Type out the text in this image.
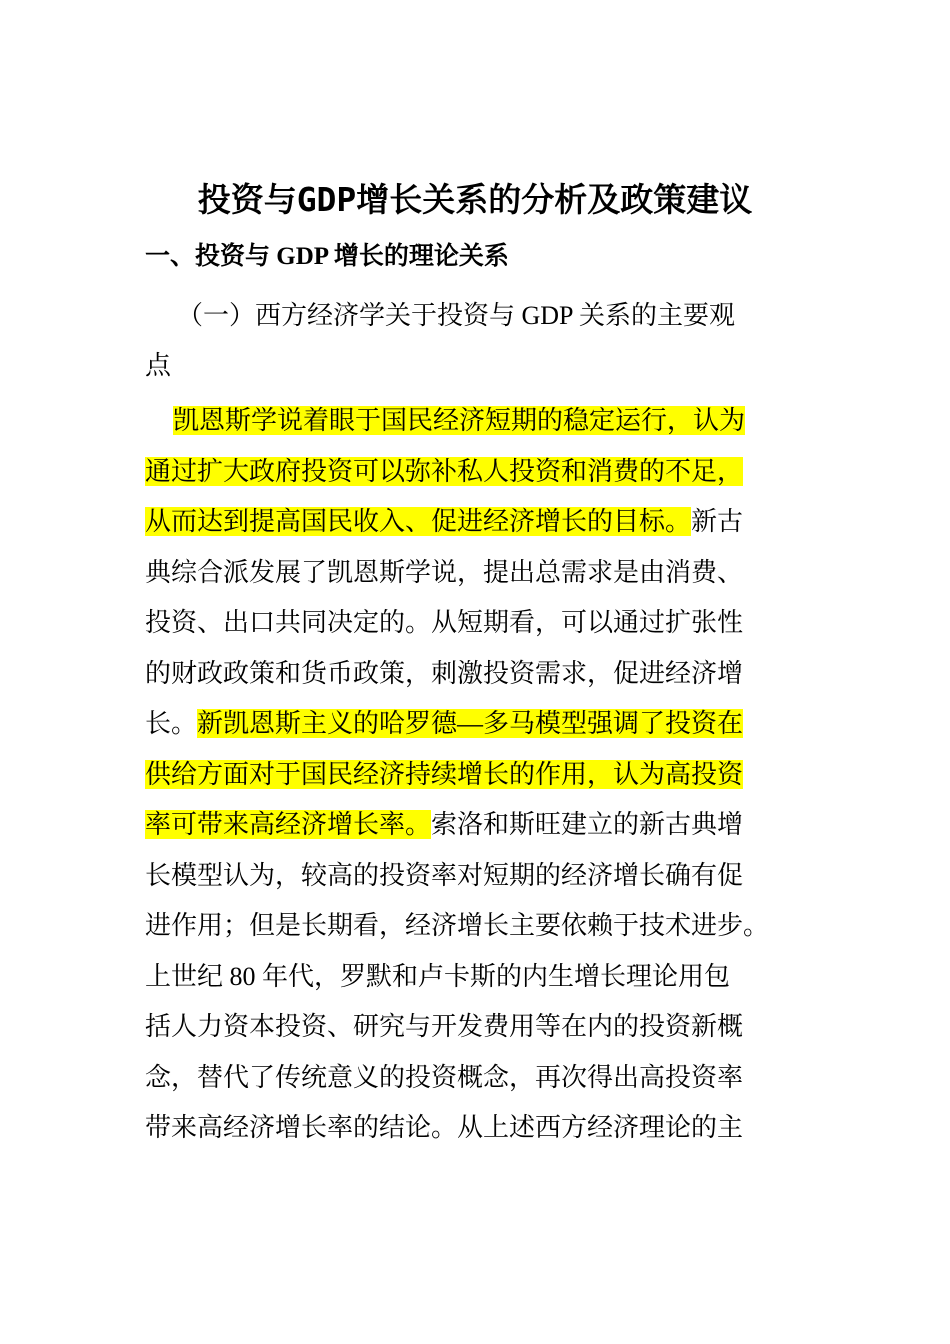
投资与GDP增长关系的分析及政策建议
一、投资与 GDP 增长的理论关系
（一）西方经济学关于投资与 GDP 关系的主要观
点
凯恩斯学说着眼于国民经济短期的稳定运行，认为
通过扩大政府投资可以弥补私人投资和消费的不足，
从而达到提高国民收入、促进经济增长的目标。新古
典综合派发展了凯恩斯学说，提出总需求是由消费、
投资、出口共同决定的。从短期看，可以通过扩张性
的财政政策和货币政策，刺激投资需求，促进经济增
长。新凯恩斯主义的哈罗德—多马模型强调了投资在
供给方面对于国民经济持续增长的作用，认为高投资
率可带来高经济增长率。索洛和斯旺建立的新古典增
长模型认为，较高的投资率对短期的经济增长确有促
进作用；但是长期看，经济增长主要依赖于技术进步。
上世纪 80 年代，罗默和卢卡斯的内生增长理论用包
括人力资本投资、研究与开发费用等在内的投资新概
念，替代了传统意义的投资概念，再次得出高投资率
带来高经济增长率的结论。从上述西方经济理论的主
